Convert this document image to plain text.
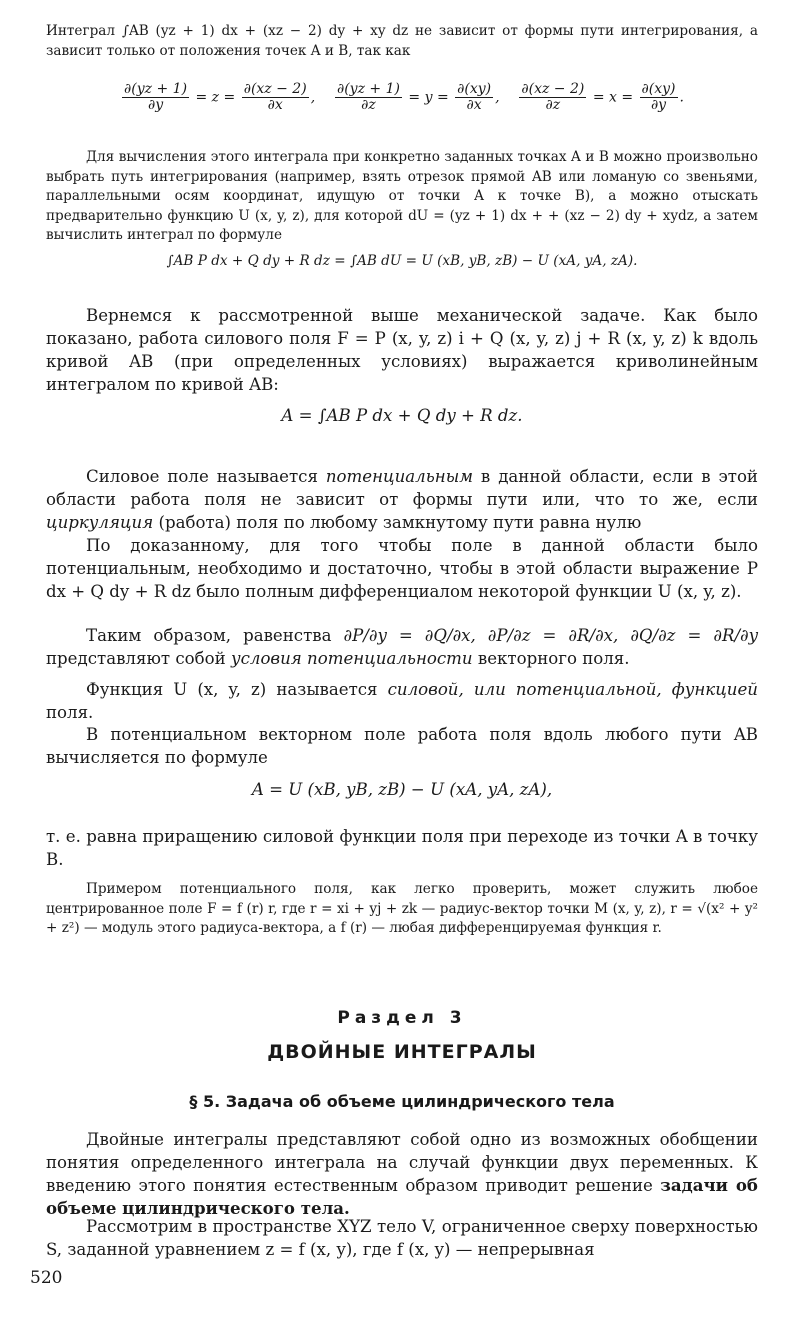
Интеграл ∫AB (yz + 1) dx + (xz − 2) dy + xy dz не зависит от формы пути интегрирования, а зависит только от положения точек A и B, так как
$\frac{\partial(yz + 1)}{\partial y} = z = \frac{\partial(xz - 2)}{\partial x}$ , $\frac{\partial(yz + 1)}{\partial z} = y = \frac{\partial(xy)}{\partial x}$ , $\frac{\partial(xz - 2)}{\partial z} = x = \frac{\partial(xy)}{\partial y}$ .
Для вычисления этого интеграла при конкретно заданных точках A и B можно произвольно выбрать путь интегрирования (например, взять отрезок прямой AB или ломаную со звеньями, параллельными осям координат, идущую от точки A к точке B), а можно отыскать предварительно функцию U (x, y, z), для которой dU = (yz + 1) dx + + (xz − 2) dy + xydz, а затем вычислить интеграл по формуле
∫AB P dx + Q dy + R dz = ∫AB dU = U (xB, yB, zB) − U (xA, yA, zA).
Вернемся к рассмотренной выше механической задаче. Как было показано, работа силового поля F = P (x, y, z) i + Q (x, y, z) j + R (x, y, z) k вдоль кривой AB (при определенных условиях) выражается криволинейным интегралом по кривой AB:
A = ∫AB P dx + Q dy + R dz.
Силовое поле называется потенциальным в данной области, если в этой области работа поля не зависит от формы пути или, что то же, если циркуляция (работа) поля по любому замкнутому пути равна нулю
По доказанному, для того чтобы поле в данной области было потенциальным, необходимо и достаточно, чтобы в этой области выражение P dx + Q dy + R dz было полным дифференциалом некоторой функции U (x, y, z).
Таким образом, равенства ∂P/∂y = ∂Q/∂x, ∂P/∂z = ∂R/∂x, ∂Q/∂z = ∂R/∂y представляют собой условия потенциальности векторного поля.
Функция U (x, y, z) называется силовой, или потенциальной, функцией поля.
В потенциальном векторном поле работа поля вдоль любого пути AB вычисляется по формуле
A = U (xB, yB, zB) − U (xA, yA, zA),
т. е. равна приращению силовой функции поля при переходе из точки A в точку B.
Примером потенциального поля, как легко проверить, может служить любое центрированное поле F = f (r) r, где r = xi + yj + zk — радиус-вектор точки M (x, y, z), r = √(x² + y² + z²) — модуль этого радиуса-вектора, а f (r) — любая дифференцируемая функция r.
Раздел 3
ДВОЙНЫЕ ИНТЕГРАЛЫ
§ 5. Задача об объеме цилиндрического тела
Двойные интегралы представляют собой одно из возможных обобщении понятия определенного интеграла на случай функции двух переменных. К введению этого понятия естественным образом приводит решение задачи об объеме цилиндрического тела.
Рассмотрим в пространстве XYZ тело V, ограниченное сверху поверхностью S, заданной уравнением z = f (x, y), где f (x, y) — непрерывная
520
